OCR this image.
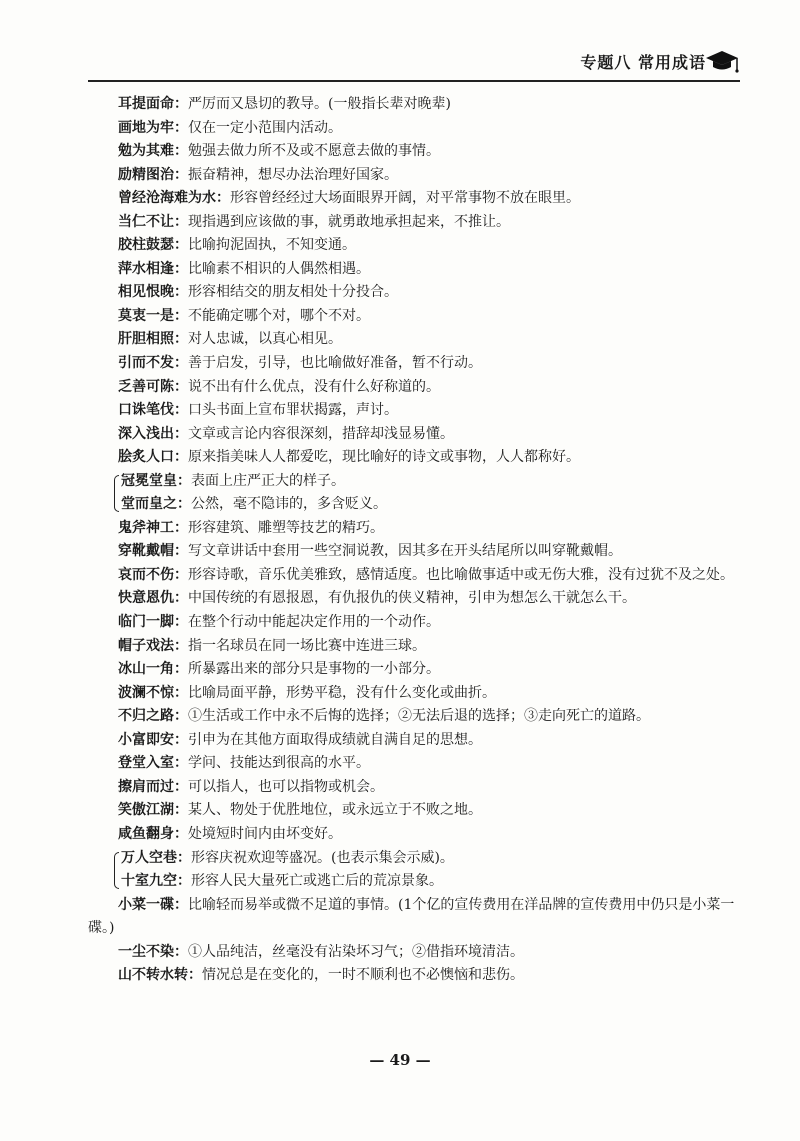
专题八 常用成语
耳提面命：严厉而又恳切的教导。(一般指长辈对晚辈)
画地为牢：仅在一定小范围内活动。
勉为其难：勉强去做力所不及或不愿意去做的事情。
励精图治：振奋精神，想尽办法治理好国家。
曾经沧海难为水：形容曾经经过大场面眼界开阔，对平常事物不放在眼里。
当仁不让：现指遇到应该做的事，就勇敢地承担起来，不推让。
胶柱鼓瑟：比喻拘泥固执，不知变通。
萍水相逢：比喻素不相识的人偶然相遇。
相见恨晚：形容相结交的朋友相处十分投合。
莫衷一是：不能确定哪个对，哪个不对。
肝胆相照：对人忠诚，以真心相见。
引而不发：善于启发，引导，也比喻做好准备，暂不行动。
乏善可陈：说不出有什么优点，没有什么好称道的。
口诛笔伐：口头书面上宣布罪状揭露，声讨。
深入浅出：文章或言论内容很深刻，措辞却浅显易懂。
脍炙人口：原来指美味人人都爱吃，现比喻好的诗文或事物，人人都称好。
冠冕堂皇：表面上庄严正大的样子。
堂而皇之：公然，毫不隐讳的，多含贬义。
鬼斧神工：形容建筑、雕塑等技艺的精巧。
穿靴戴帽：写文章讲话中套用一些空洞说教，因其多在开头结尾所以叫穿靴戴帽。
哀而不伤：形容诗歌，音乐优美雅致，感情适度。也比喻做事适中或无伤大雅，没有过犹不及之处。
快意恩仇：中国传统的有恩报恩，有仇报仇的侠义精神，引申为想怎么干就怎么干。
临门一脚：在整个行动中能起决定作用的一个动作。
帽子戏法：指一名球员在同一场比赛中连进三球。
冰山一角：所暴露出来的部分只是事物的一小部分。
波澜不惊：比喻局面平静，形势平稳，没有什么变化或曲折。
不归之路：①生活或工作中永不后悔的选择；②无法后退的选择；③走向死亡的道路。
小富即安：引申为在其他方面取得成绩就自满自足的思想。
登堂入室：学问、技能达到很高的水平。
擦肩而过：可以指人，也可以指物或机会。
笑傲江湖：某人、物处于优胜地位，或永远立于不败之地。
咸鱼翻身：处境短时间内由坏变好。
万人空巷：形容庆祝欢迎等盛况。(也表示集会示威)。
十室九空：形容人民大量死亡或逃亡后的荒凉景象。
小菜一碟：比喻轻而易举或微不足道的事情。(1个亿的宣传费用在洋品牌的宣传费用中仍只是小菜一碟。)
一尘不染：①人品纯洁，丝毫没有沾染坏习气；②借指环境清洁。
山不转水转：情况总是在变化的，一时不顺利也不必懊恼和悲伤。
— 49 —
